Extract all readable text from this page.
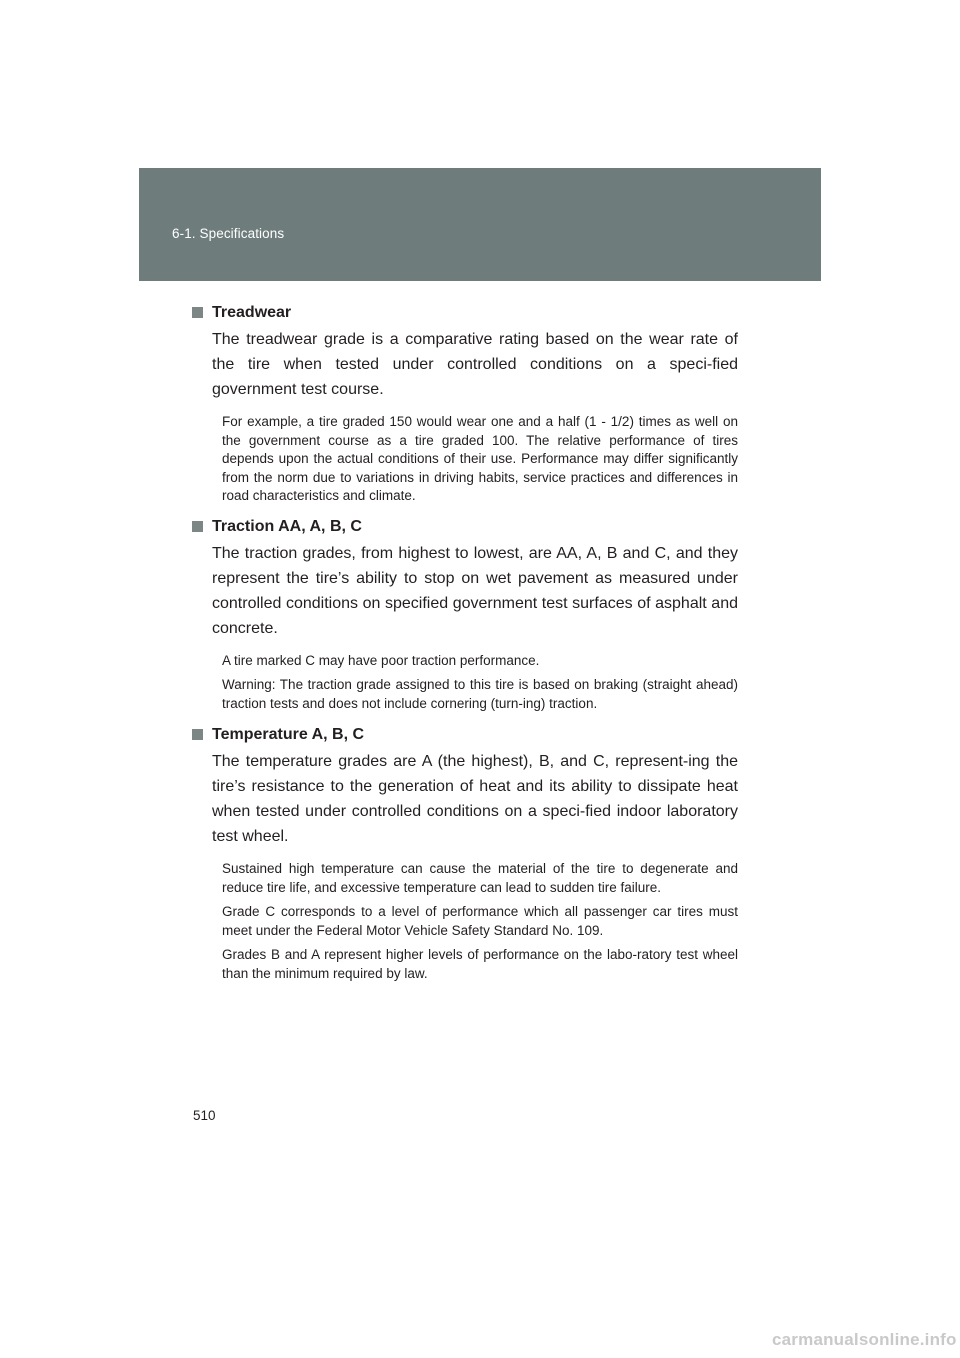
6-1. Specifications
Treadwear

The treadwear grade is a comparative rating based on the wear rate of the tire when tested under controlled conditions on a speci-fied government test course.

For example, a tire graded 150 would wear one and a half (1 - 1/2) times as well on the government course as a tire graded 100. The relative performance of tires depends upon the actual conditions of their use. Performance may differ significantly from the norm due to variations in driving habits, service practices and differences in road characteristics and climate.

Traction AA, A, B, C

The traction grades, from highest to lowest, are AA, A, B and C, and they represent the tire’s ability to stop on wet pavement as measured under controlled conditions on specified government test surfaces of asphalt and concrete.

A tire marked C may have poor traction performance.

Warning: The traction grade assigned to this tire is based on braking (straight ahead) traction tests and does not include cornering (turn-ing) traction.

Temperature A, B, C

The temperature grades are A (the highest), B, and C, represent-ing the tire’s resistance to the generation of heat and its ability to dissipate heat when tested under controlled conditions on a speci-fied indoor laboratory test wheel.

Sustained high temperature can cause the material of the tire to degenerate and reduce tire life, and excessive temperature can lead to sudden tire failure.

Grade C corresponds to a level of performance which all passenger car tires must meet under the Federal Motor Vehicle Safety Standard No. 109.

Grades B and A represent higher levels of performance on the labo-ratory test wheel than the minimum required by law.

510
carmanualsonline.info
